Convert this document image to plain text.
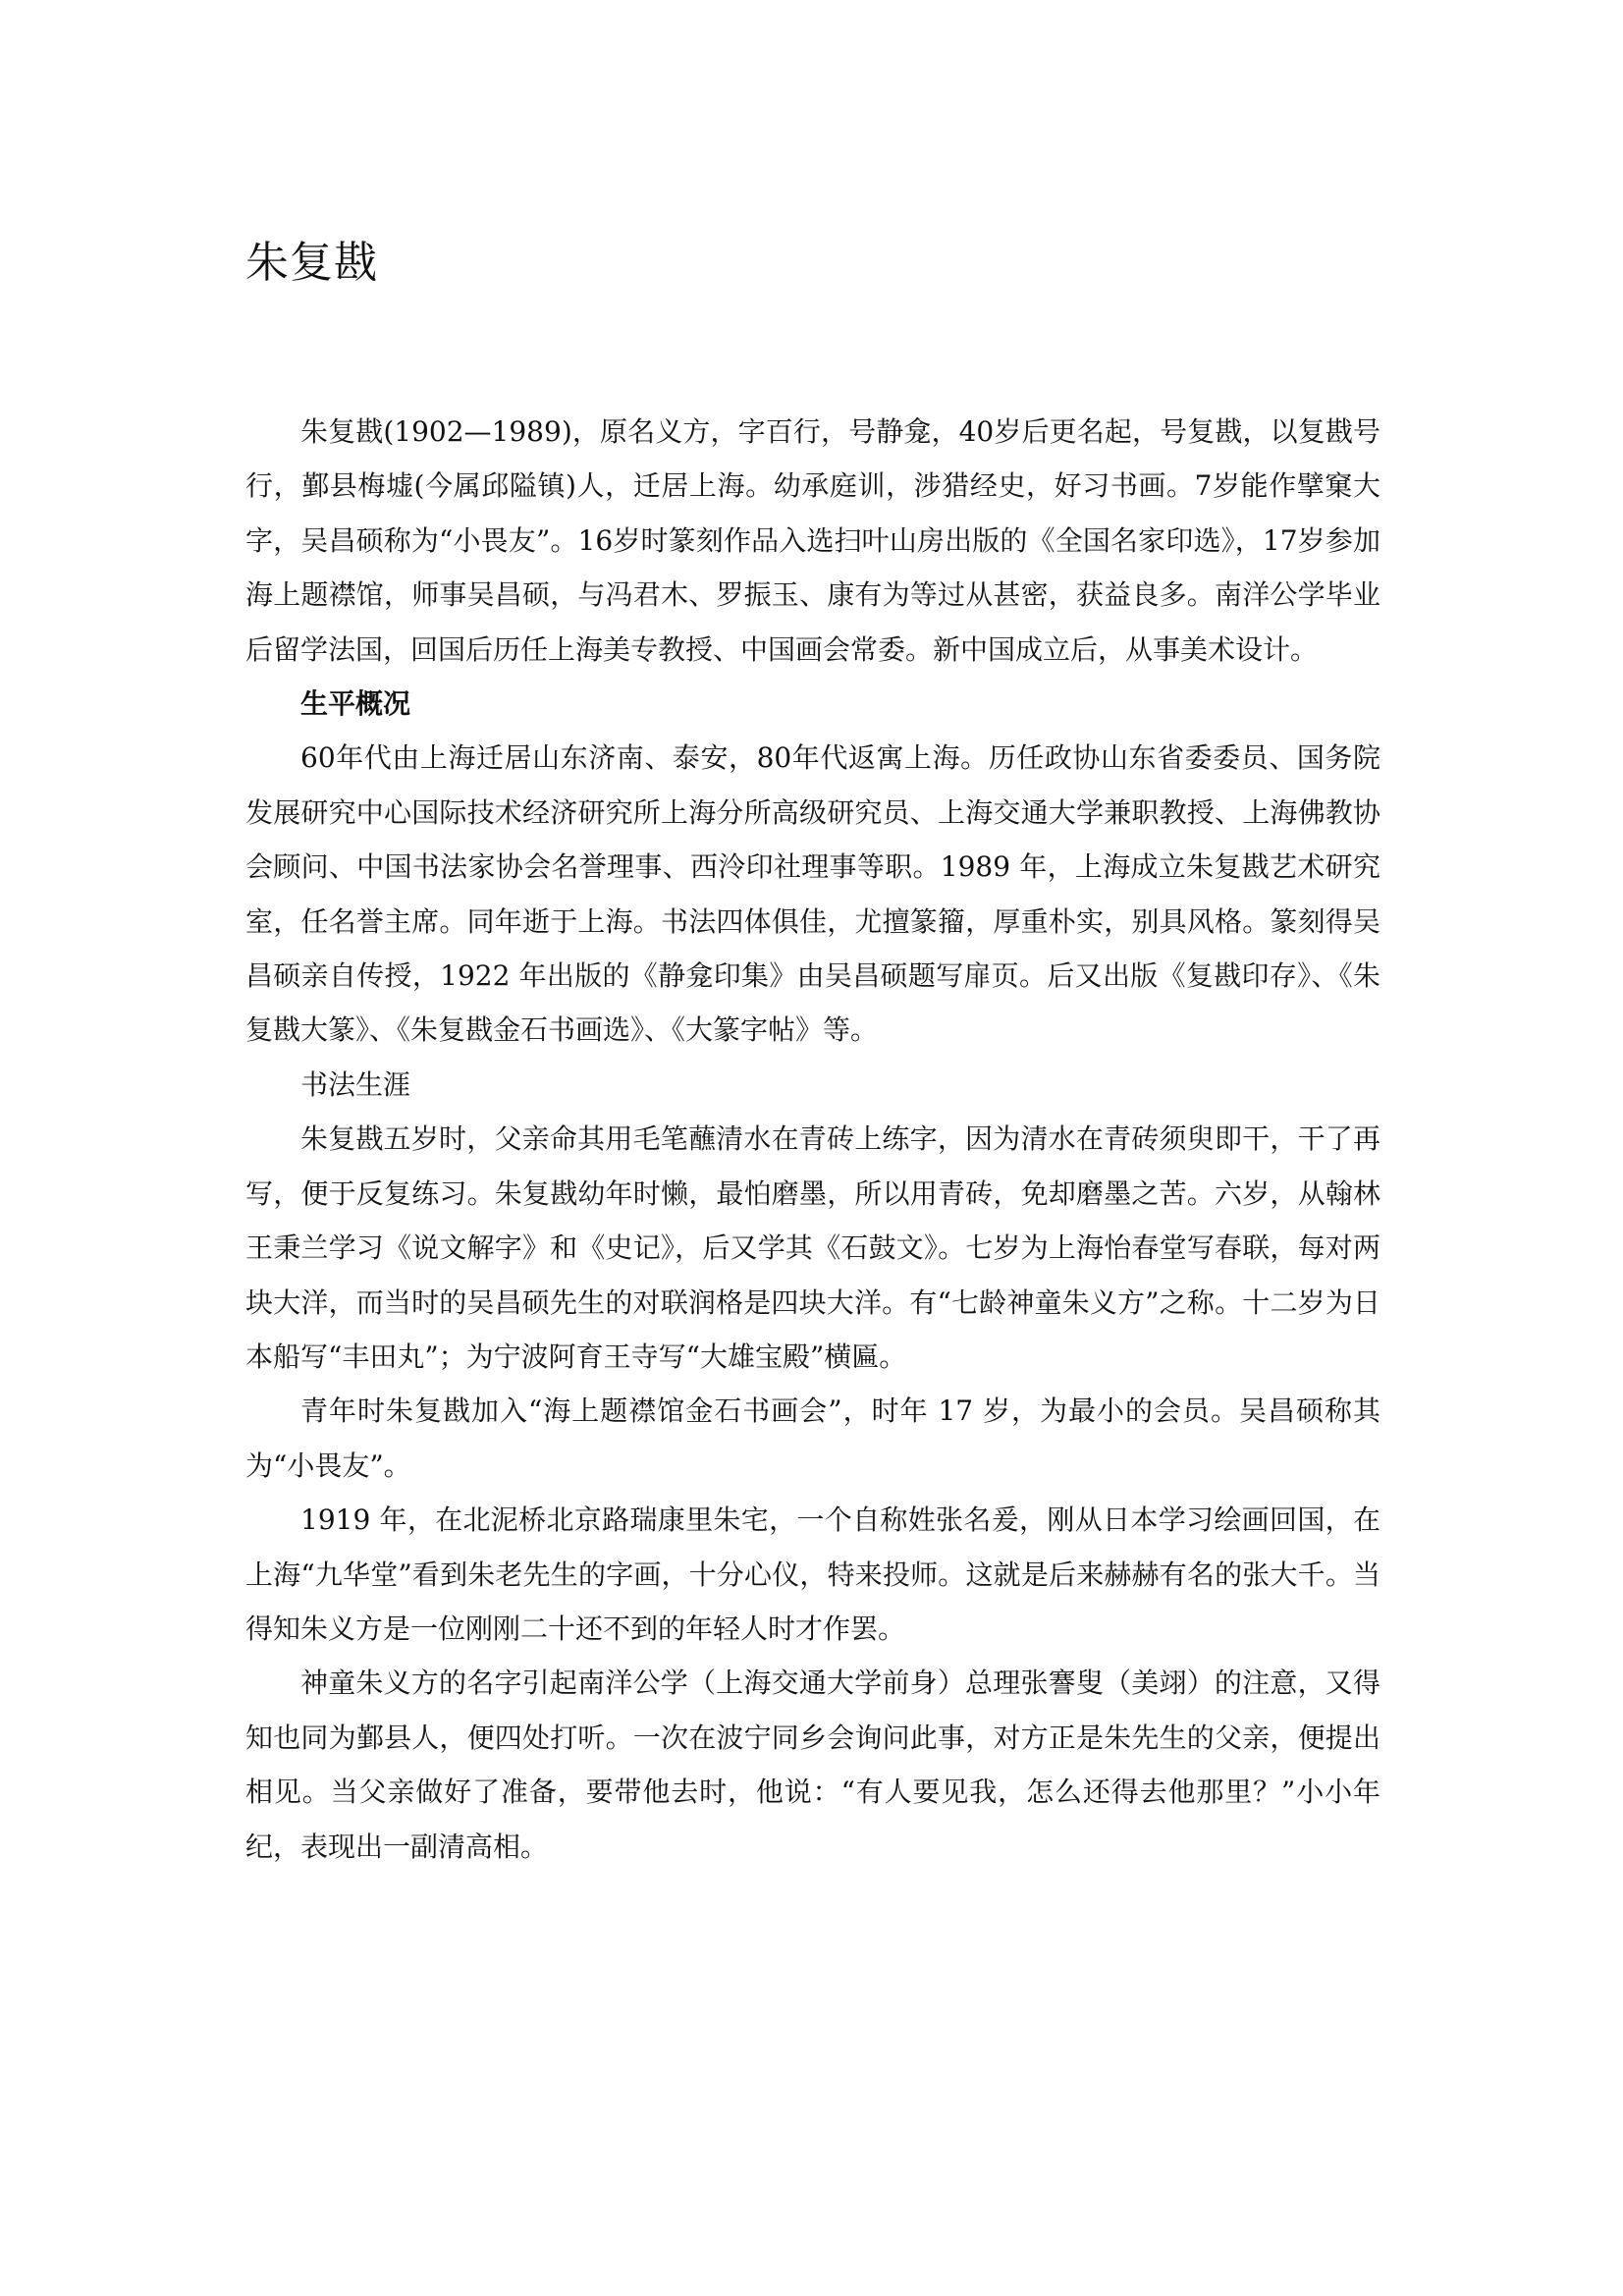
朱复戡

朱复戡(1902—1989)，原名义方，字百行，号静龛，40岁后更名起，号复戡，以复戡号行，鄞县梅墟(今属邱隘镇)人，迁居上海。幼承庭训，涉猎经史，好习书画。7岁能作擘窠大字，吴昌硕称为“小畏友”。16岁时篆刻作品入选扫叶山房出版的《全国名家印选》，17岁参加海上题襟馆，师事吴昌硕，与冯君木、罗振玉、康有为等过从甚密，获益良多。南洋公学毕业后留学法国，回国后历任上海美专教授、中国画会常委。新中国成立后，从事美术设计。

生平概况

60年代由上海迁居山东济南、泰安，80年代返寓上海。历任政协山东省委委员、国务院发展研究中心国际技术经济研究所上海分所高级研究员、上海交通大学兼职教授、上海佛教协会顾问、中国书法家协会名誉理事、西泠印社理事等职。1989 年，上海成立朱复戡艺术研究室，任名誉主席。同年逝于上海。书法四体俱佳，尤擅篆籀，厚重朴实，别具风格。篆刻得吴昌硕亲自传授，1922 年出版的《静龛印集》由吴昌硕题写扉页。后又出版《复戡印存》、《朱复戡大篆》、《朱复戡金石书画选》、《大篆字帖》等。

书法生涯

朱复戡五岁时，父亲命其用毛笔蘸清水在青砖上练字，因为清水在青砖须臾即干，干了再写，便于反复练习。朱复戡幼年时懒，最怕磨墨，所以用青砖，免却磨墨之苦。六岁，从翰林王秉兰学习《说文解字》和《史记》，后又学其《石鼓文》。七岁为上海怡春堂写春联，每对两块大洋，而当时的吴昌硕先生的对联润格是四块大洋。有“七龄神童朱义方”之称。十二岁为日本船写“丰田丸”；为宁波阿育王寺写“大雄宝殿”横匾。

青年时朱复戡加入“海上题襟馆金石书画会”，时年 17 岁，为最小的会员。吴昌硕称其为“小畏友”。

1919 年，在北泥桥北京路瑞康里朱宅，一个自称姓张名爰，刚从日本学习绘画回国，在上海“九华堂”看到朱老先生的字画，十分心仪，特来投师。这就是后来赫赫有名的张大千。当得知朱义方是一位刚刚二十还不到的年轻人时才作罢。

神童朱义方的名字引起南洋公学（上海交通大学前身）总理张謇叟（美翊）的注意，又得知也同为鄞县人，便四处打听。一次在波宁同乡会询问此事，对方正是朱先生的父亲，便提出相见。当父亲做好了准备，要带他去时，他说：“有人要见我，怎么还得去他那里？”小小年纪，表现出一副清高相。
